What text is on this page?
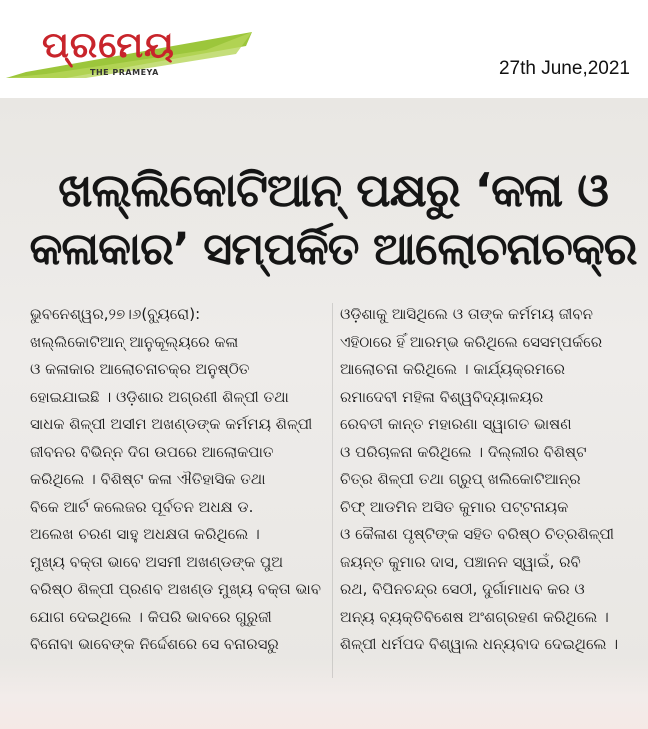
ପ୍ରମେୟ
THE PRAMEYA	27th June,2021
ଖଲ୍ଲିକୋଟିଆନ୍ ପକ୍ଷରୁ ‘କଳା ଓ
କଳାକାର’ ସମ୍ପର୍କିତ ଆଲୋଚନାଚକ୍ର

ଭୁବନେଶ୍ୱର,୨୭।୬(ବ୍ୟୁରୋ):

ଖଲ୍ଲିକୋଟିଆନ୍ ଆନୁକୂଲ୍ୟରେ କଳା

ଓ କଳାକାର ଆଲୋଚନାଚକ୍ର ଅନୁଷ୍ଠିତ

ହୋଇଯାଇଛି । ଓଡ଼ିଶାର ଅଗ୍ରଣୀ ଶିଳ୍ପୀ ତଥା

ସାଧକ ଶିଳ୍ପୀ ଅସୀମ ଅଖଣ୍ଡଙ୍କ କର୍ମମୟ ଶିଳ୍ପୀ

ଜୀବନର ବିଭିନ୍ନ ଦିଗ ଉପରେ ଆଲୋକପାତ

କରିଥିଲେ । ବିଶିଷ୍ଟ କଳା ଐତିହାସିକ ତଥା

ବିକେ ଆର୍ଟ କଲେଜର ପୂର୍ବତନ ଅଧକ୍ଷ ଡ.

ଅଲେଖ ଚରଣ ସାହୁ ଅଧକ୍ଷତା କରିଥିଲେ ।

ମୁଖ୍ୟ ବକ୍ତା ଭାବେ ଅସମୀ ଅଖଣ୍ଡଙ୍କ ପୁଅ

ବରିଷ୍ଠ ଶିଳ୍ପୀ ପ୍ରଣବ ଅଖଣ୍ଡ ମୁଖ୍ୟ ବକ୍ତା ଭାବ

ଯୋଗ ଦେଇଥିଲେ । କିପରି ଭାବରେ ଗୁରୁଜୀ

ବିନୋବା ଭାବେଙ୍କ ନିର୍ଦ୍ଦେଶରେ ସେ ବନାରସରୁ

ଓଡ଼ିଶାକୁ ଆସିଥିଲେ ଓ ତାଙ୍କ କର୍ମମୟ ଜୀବନ

ଏହିଠାରେ ହିଁ ଆରମ୍ଭ କରିଥିଲେ ସେସମ୍ପର୍କରେ

ଆଲୋଚନା କରିଥିଲେ । କାର୍ଯ୍ୟକ୍ରମରେ

ରମାଦେବୀ ମହିଳା ବିଶ୍ୱବିଦ୍ୟାଳୟର

ରେବତୀ କାନ୍ତ ମହାରଣା ସ୍ୱାଗତ ଭାଷଣ

ଓ ପରିଚାଳନା କରିଥିଲେ । ଦିଲ୍ଲୀର ବିଶିଷ୍ଟ

ଚିତ୍ର ଶିଳ୍ପୀ ତଥା ଗ୍ରୁପ୍ ଖଲିକୋଟିଆନ୍‌ର

ଚିଫ୍ ଆଡମିନ ଅସିତ କୁମାର ପଟ୍ଟନାୟକ

ଓ କୈଳାଶ ପୃଷ୍ଟିଙ୍କ ସହିତ ବରିଷ୍ଠ ଚିତ୍ରଶିଳ୍ପୀ

ଜୟନ୍ତ କୁମାର ଦାସ, ପଞ୍ଚାନନ ସ୍ୱାଇଁ, ରବି

ରଥ, ବିପିନଚନ୍ଦ୍ର ସେଠୀ, ଦୁର୍ଗାମାଧବ କର ଓ

ଅନ୍ୟ ବ୍ୟକ୍ତିବିଶେଷ ଅଂଶଗ୍ରହଣ କରିଥିଲେ ।

ଶିଳ୍ପୀ ଧର୍ମପଦ ବିଶ୍ୱାଲ ଧନ୍ୟବାଦ ଦେଇଥିଲେ ।
